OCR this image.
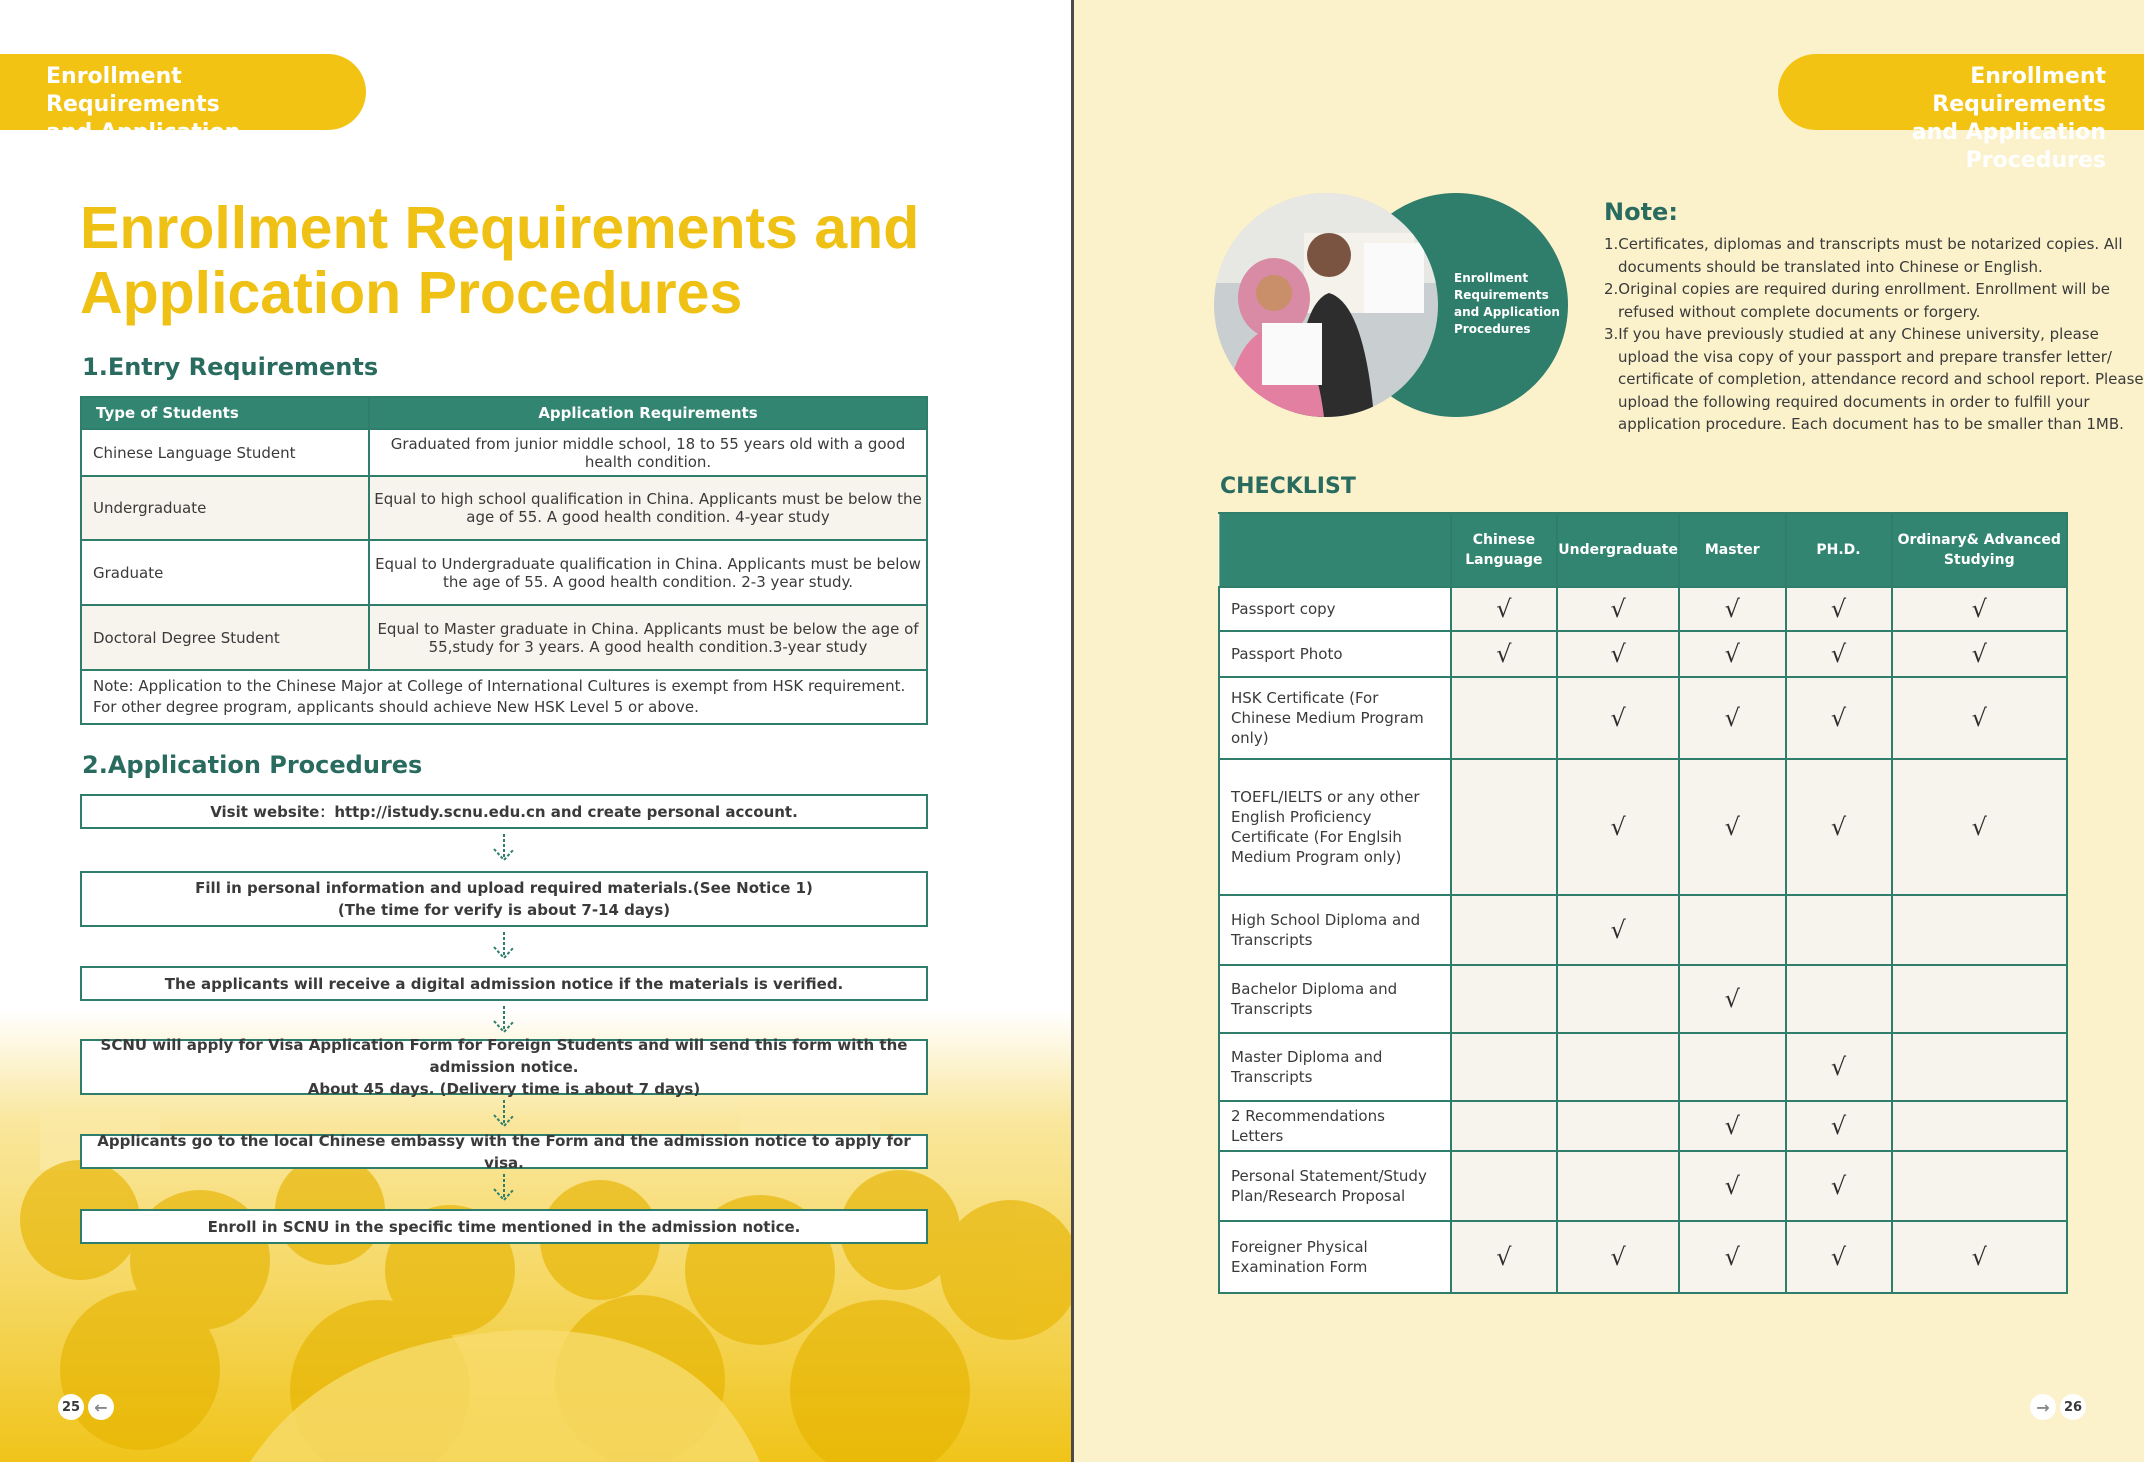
Enrollment Requirements
and Application Procedures
Enrollment Requirements and
Application Procedures
1.Entry Requirements
Type of Students	Application Requirements
Chinese Language Student	Graduated from junior middle school, 18 to 55 years old with a good health condition.
Undergraduate	Equal to high school qualification in China. Applicants must be below the age of 55. A good health condition. 4-year study
Graduate	Equal to Undergraduate qualification in China. Applicants must be below the age of 55. A good health condition. 2-3 year study.
Doctoral Degree Student	Equal to Master graduate in China. Applicants must be below the age of 55,study for 3 years. A good health condition.3-year study
Note: Application to the Chinese Major at College of International Cultures is exempt from HSK requirement. For other degree program, applicants should achieve New HSK Level 5 or above.
2.Application Procedures
Visit website：http://istudy.scnu.edu.cn and create personal account.
Fill in personal information and upload required materials.(See Notice 1)
(The time for verify is about 7-14 days)
The applicants will receive a digital admission notice if the materials is verified.
SCNU will apply for Visa Application Form for Foreign Students and will send this form with the admission notice.
About 45 days. (Delivery time is about 7 days)
Applicants go to the local Chinese embassy with the Form and the admission notice to apply for visa.
Enroll in SCNU in the specific time mentioned in the admission notice.
25 ←
Enrollment Requirements
and Application Procedures
Enrollment Requirements and Application Procedures
Note:

1.Certificates, diplomas and transcripts must be notarized copies. All documents should be translated into Chinese or English.

2.Original copies are required during enrollment. Enrollment will be refused without complete documents or forgery.

3.If you have previously studied at any Chinese university, please upload the visa copy of your passport and prepare transfer letter/ certificate of completion, attendance record and school report. Please upload the following required documents in order to fulfill your application procedure. Each document has to be smaller than 1MB.

CHECKLIST
	Chinese Language	Undergraduate	Master	PH.D.	Ordinary& Advanced Studying
Passport copy	√	√	√	√	√
Passport Photo	√	√	√	√	√
HSK Certificate (For Chinese Medium Program only)		√	√	√	√
TOEFL/IELTS or any other English Proficiency Certificate (For Englsih Medium Program only)		√	√	√	√
High School Diploma and Transcripts		√			
Bachelor Diploma and Transcripts			√		
Master Diploma and Transcripts				√	
2 Recommendations Letters			√	√	
Personal Statement/Study Plan/Research Proposal			√	√	
Foreigner Physical Examination Form	√	√	√	√	√
→	26
